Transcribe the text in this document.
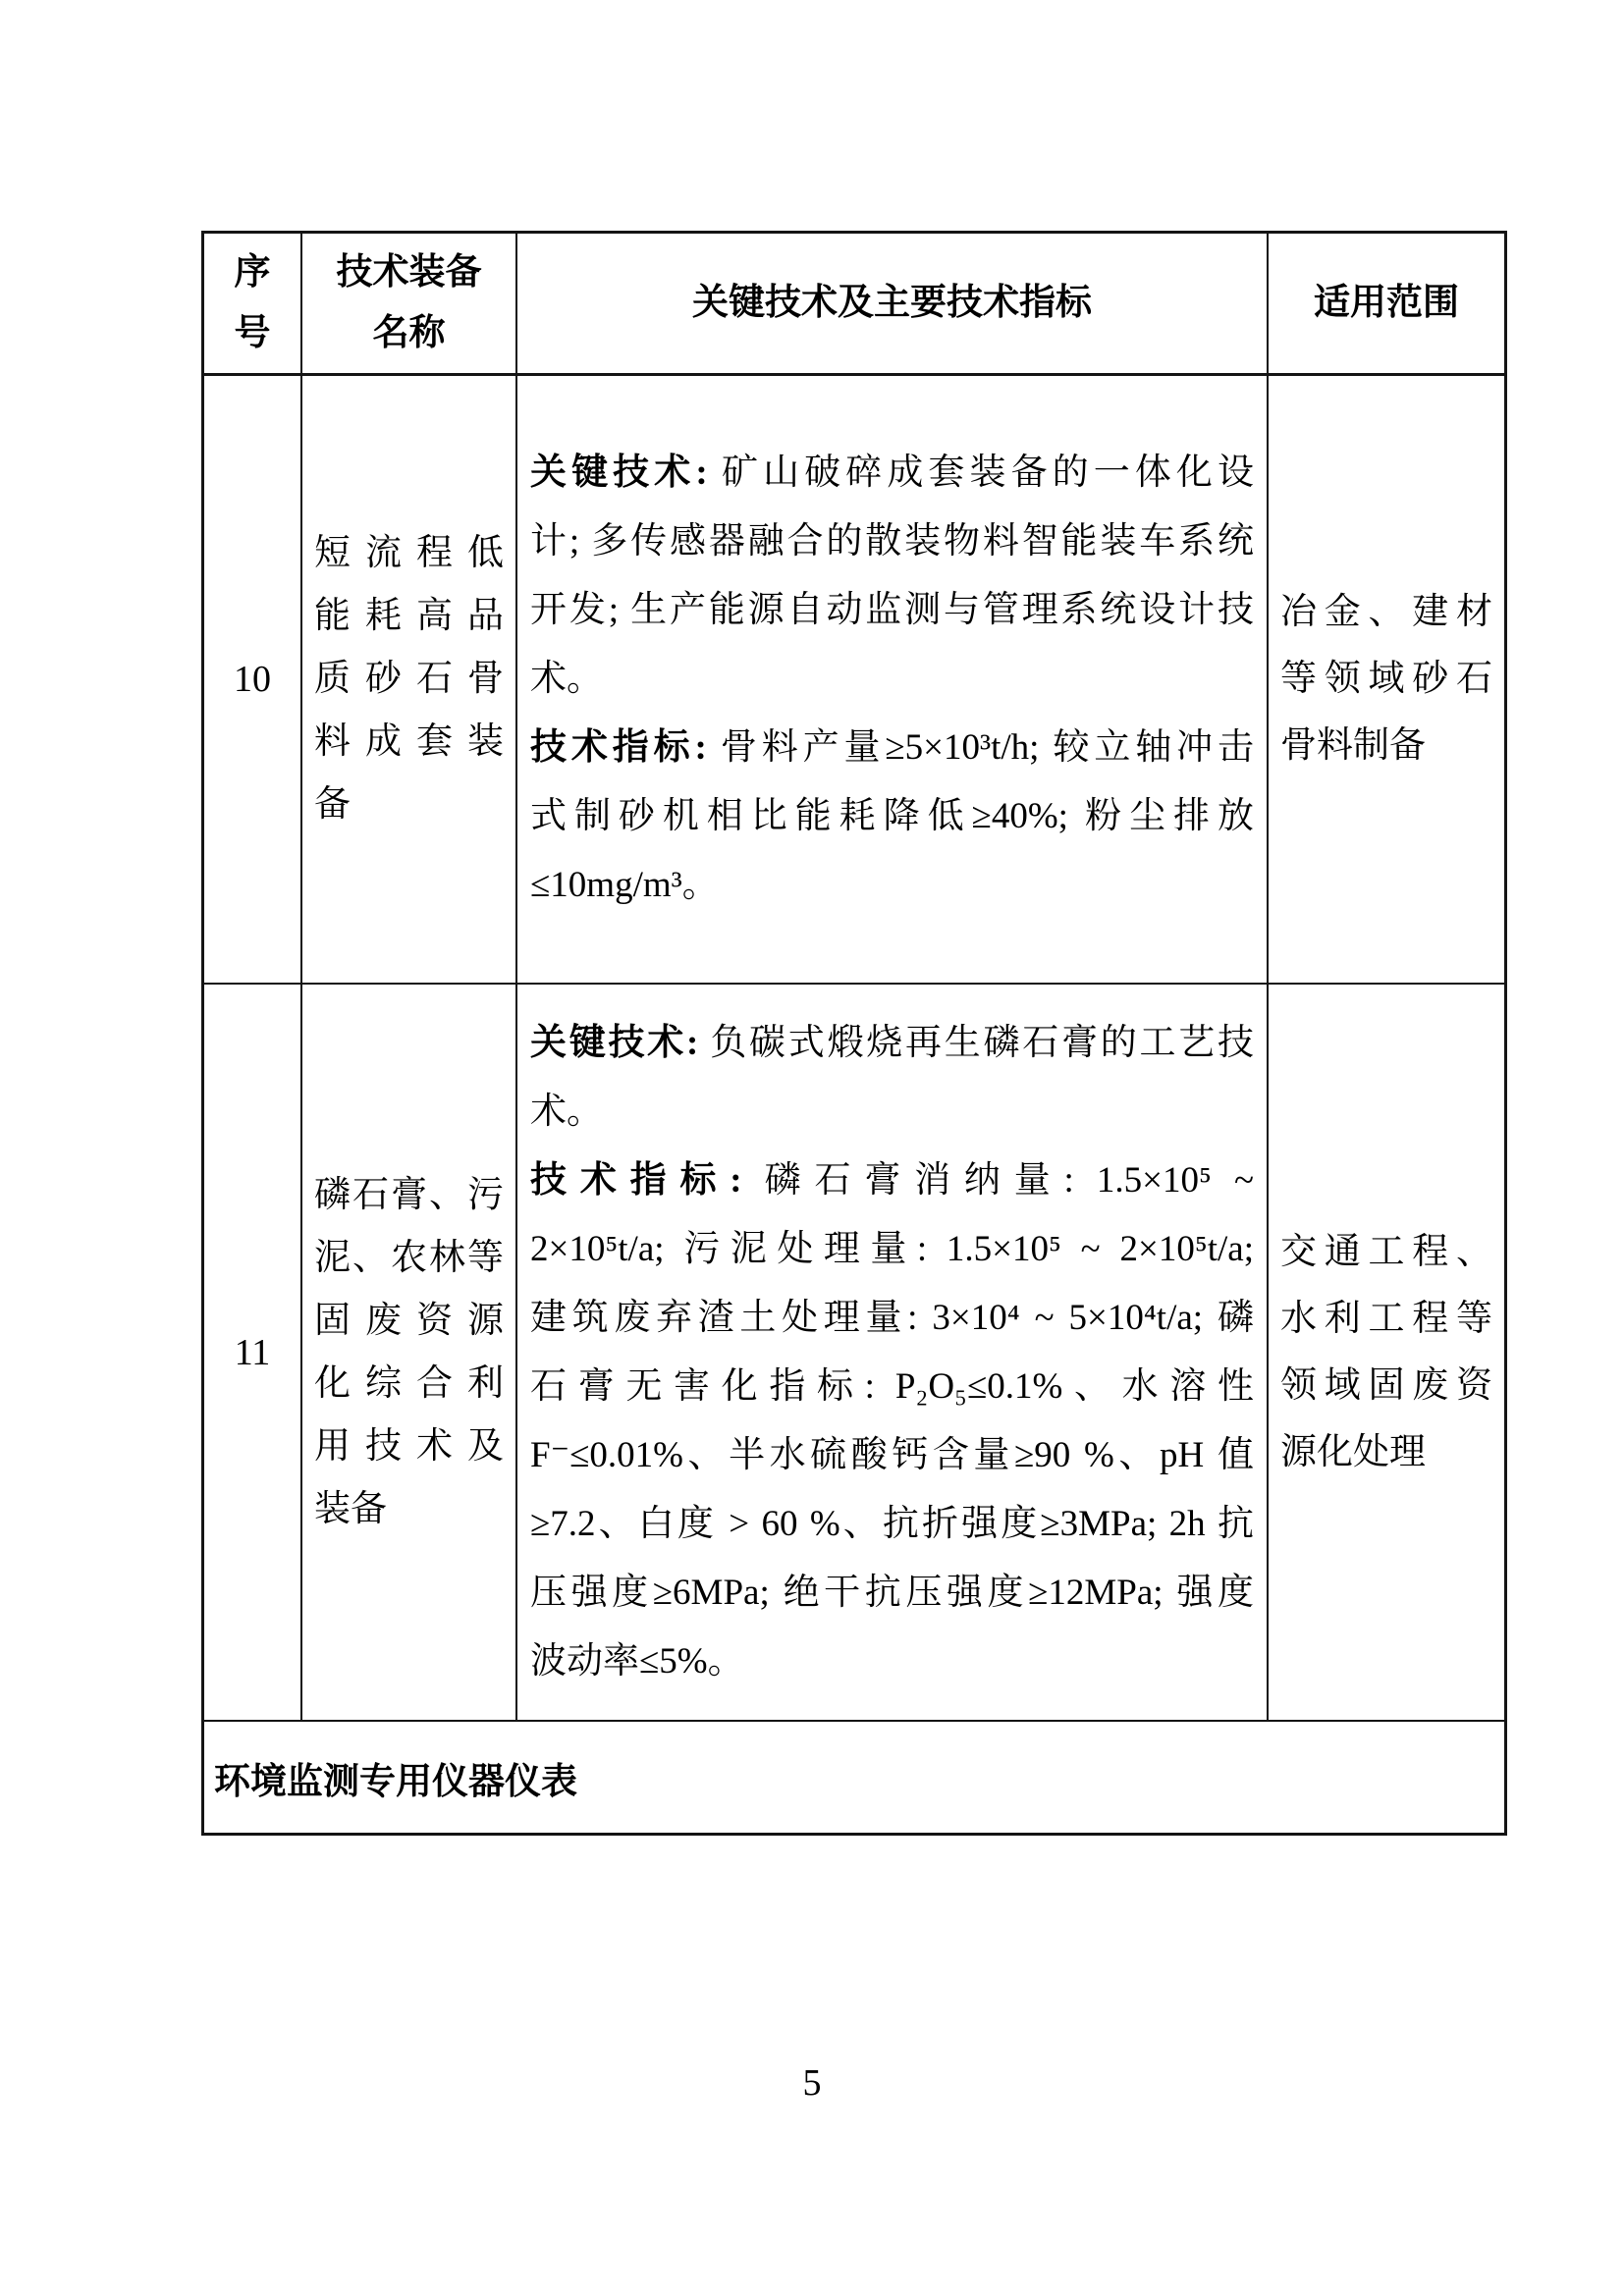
序
号
技术装备
名称
关键技术及主要技术指标	适用范围
10
短流程低
能耗高品
质砂石骨
料成套装
备
关键技术: 矿山破碎成套装备的一体化设
计; 多传感器融合的散装物料智能装车系统
开发; 生产能源自动监测与管理系统设计技
术。
技术指标: 骨料产量≥5×10³t/h; 较立轴冲击
式制砂机相比能耗降低≥40%; 粉尘排放
≤10mg/m³。
冶金、建材
等领域砂石
骨料制备
11
磷石膏、污
泥、农林等
固废资源
化综合利
用技术及
装备
关键技术: 负碳式煅烧再生磷石膏的工艺技
术。
技术指标: 磷石膏消纳量: 1.5×10⁵ ~
2×10⁵t/a; 污泥处理量: 1.5×10⁵ ~ 2×10⁵t/a;
建筑废弃渣土处理量: 3×10⁴ ~ 5×10⁴t/a; 磷
石膏无害化指标: P₂O₅≤0.1%、水溶性
F⁻≤0.01%、半水硫酸钙含量≥90 %、pH 值
≥7.2、白度 > 60 %、抗折强度≥3MPa; 2h 抗
压强度≥6MPa; 绝干抗压强度≥12MPa; 强度
波动率≤5%。
交通工程、
水利工程等
领域固废资
源化处理
环境监测专用仪器仪表
5
